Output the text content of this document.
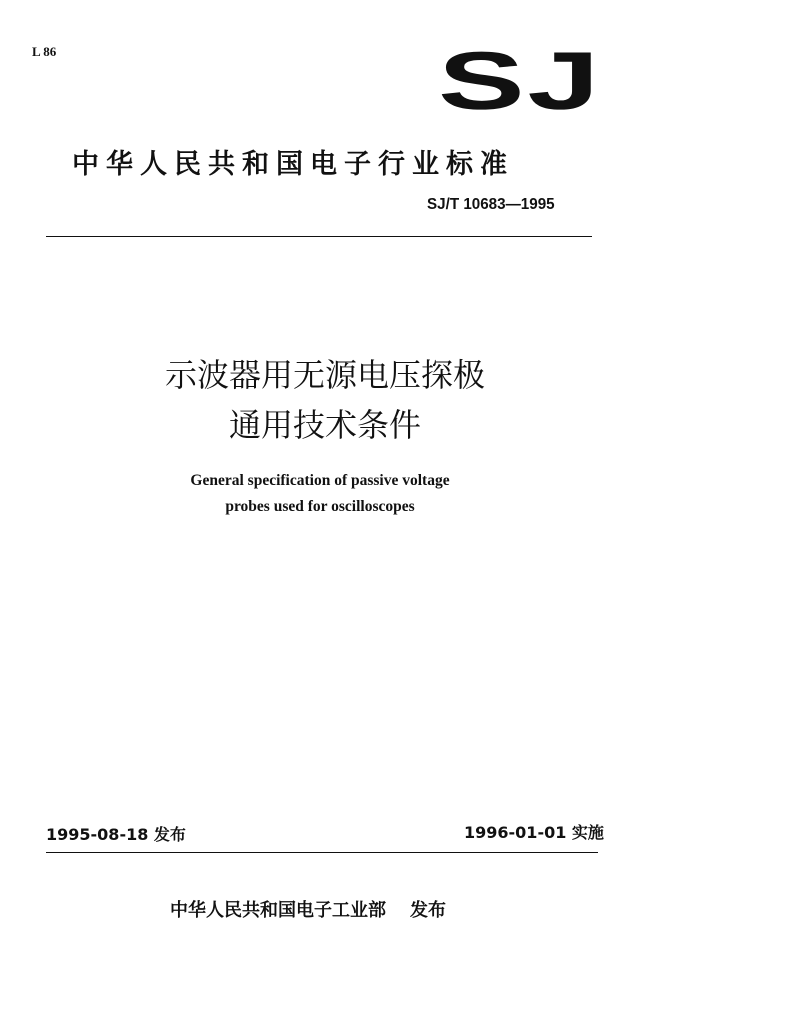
L 86	SJ
中华人民共和国电子行业标准

SJ/T 10683—1995

示波器用无源电压探极
通用技术条件
General specification of passive voltage
probes used for oscilloscopes

1995-08-18 发布	1996-01-01 实施

中华人民共和国电子工业部 发布
